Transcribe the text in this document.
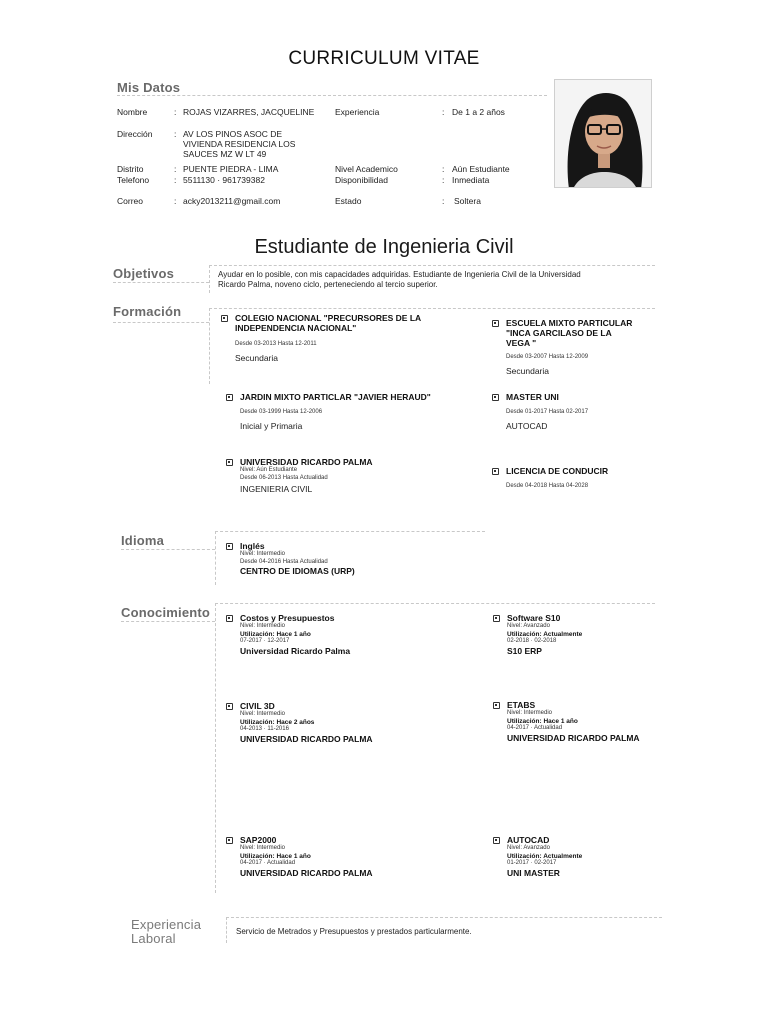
CURRICULUM VITAE
Mis Datos
Nombre	: ROJAS VIZARRES, JACQUELINE Experiencia	: De 1 a 2 años
Dirección	: AV LOS PINOS ASOC DE
VIVIENDA RESIDENCIA LOS
SAUCES MZ W LT 49
Distrito	: PUENTE PIEDRA - LIMA	Nivel Academico	: Aún Estudiante
Telefono	: 5511130 · 961739382	Disponibilidad	: Inmediata
Correo	: acky2013211@gmail.com	Estado	: Soltera
Estudiante de Ingenieria Civil
Objetivos	Ayudar en lo posible, con mis capacidades adquiridas. Estudiante de Ingenieria Civil de la Universidad
Ricardo Palma, noveno ciclo, perteneciendo al tercio superior.
Formación	COLEGIO NACIONAL "PRECURSORES DE LA
INDEPENDENCIA NACIONAL"
Desde 03-2013 Hasta 12-2011
Secundaria
ESCUELA MIXTO PARTICULAR
"INCA GARCILASO DE LA
VEGA "
Desde 03-2007 Hasta 12-2009
Secundaria
JARDIN MIXTO PARTICLAR "JAVIER HERAUD"
Desde 03-1999 Hasta 12-2006
Inicial y Primaria
MASTER UNI
Desde 01-2017 Hasta 02-2017
AUTOCAD
UNIVERSIDAD RICARDO PALMA
Nivel: Aún Estudiante
Desde 06-2013 Hasta Actualidad
INGENIERIA CIVIL
LICENCIA DE CONDUCIR
Desde 04-2018 Hasta 04-2028
Idioma	Inglés
Nivel: Intermedio
Desde 04-2016 Hasta Actualidad
CENTRO DE IDIOMAS (URP)
Conocimiento	Costos y Presupuestos
Nivel: Intermedio
Utilización: Hace 1 año
07-2017 · 12-2017
Universidad Ricardo Palma
Software S10
Nivel: Avanzado
Utilización: Actualmente
02-2018 · 02-2018
S10 ERP
CIVIL 3D
Nivel: Intermedio
Utilización: Hace 2 años
04-2013 · 11-2016
UNIVERSIDAD RICARDO PALMA
ETABS
Nivel: Intermedio
Utilización: Hace 1 año
04-2017 · Actualidad
UNIVERSIDAD RICARDO PALMA
SAP2000
Nivel: Intermedio
Utilización: Hace 1 año
04-2017 · Actualidad
UNIVERSIDAD RICARDO PALMA
AUTOCAD
Nivel: Avanzado
Utilización: Actualmente
01-2017 · 02-2017
UNI MASTER
Experiencia
Laboral	Servicio de Metrados y Presupuestos y prestados particularmente.
